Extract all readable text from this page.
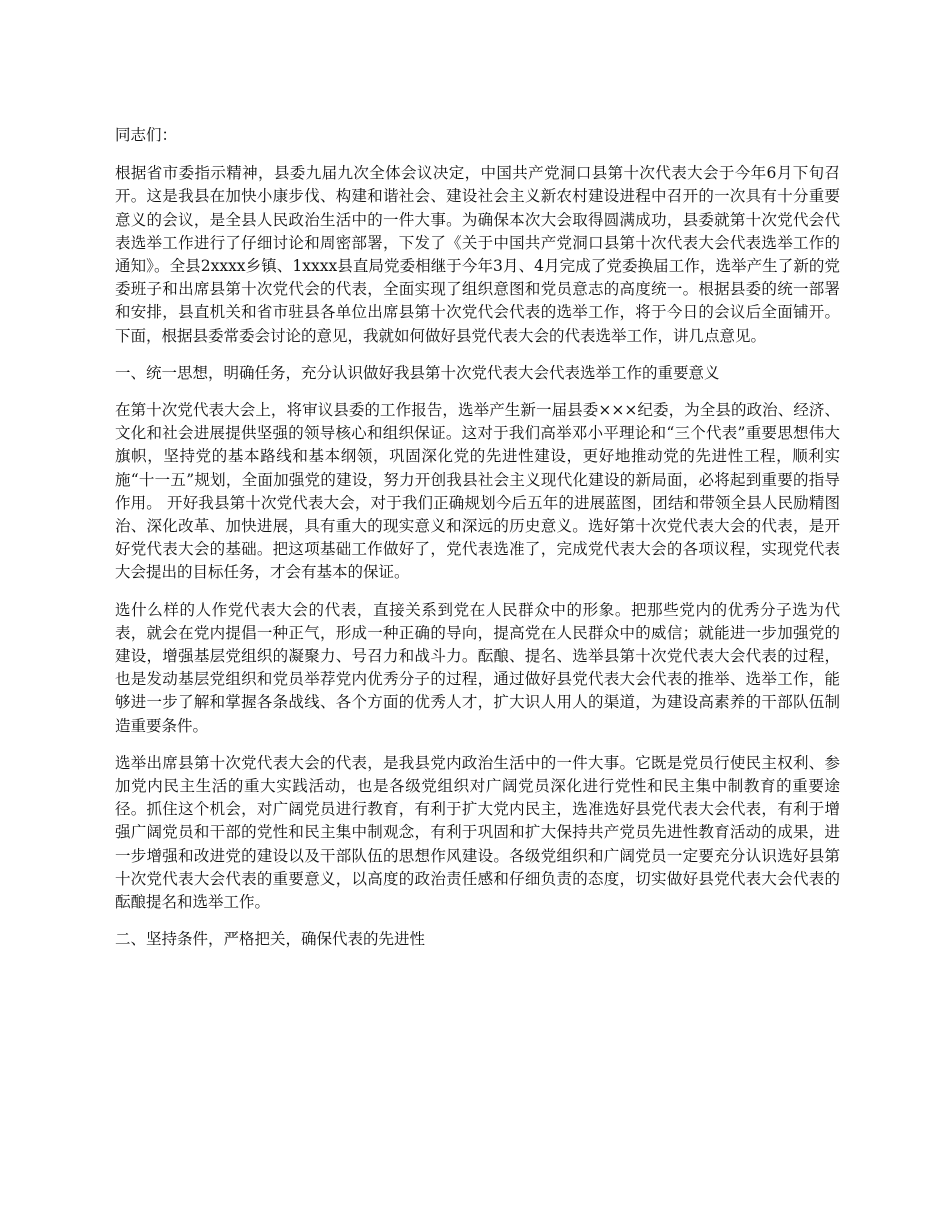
同志们：

根据省市委指示精神，县委九届九次全体会议决定，中国共产党洞口县第十次代表大会于今年6月下旬召开。这是我县在加快小康步伐、构建和谐社会、建设社会主义新农村建设进程中召开的一次具有十分重要意义的会议，是全县人民政治生活中的一件大事。为确保本次大会取得圆满成功，县委就第十次党代会代表选举工作进行了仔细讨论和周密部署，下发了《关于中国共产党洞口县第十次代表大会代表选举工作的通知》。全县2xxxx乡镇、1xxxx县直局党委相继于今年3月、4月完成了党委换届工作，选举产生了新的党委班子和出席县第十次党代会的代表，全面实现了组织意图和党员意志的高度统一。根据县委的统一部署和安排，县直机关和省市驻县各单位出席县第十次党代会代表的选举工作，将于今日的会议后全面铺开。下面，根据县委常委会讨论的意见，我就如何做好县党代表大会的代表选举工作，讲几点意见。

一、统一思想，明确任务，充分认识做好我县第十次党代表大会代表选举工作的重要意义

在第十次党代表大会上，将审议县委的工作报告，选举产生新一届县委×××纪委，为全县的政治、经济、文化和社会进展提供坚强的领导核心和组织保证。这对于我们高举邓小平理论和“三个代表”重要思想伟大旗帜，坚持党的基本路线和基本纲领，巩固深化党的先进性建设，更好地推动党的先进性工程，顺利实施“十一五”规划，全面加强党的建设，努力开创我县社会主义现代化建设的新局面，必将起到重要的指导作用。 开好我县第十次党代表大会，对于我们正确规划今后五年的进展蓝图，团结和带领全县人民励精图治、深化改革、加快进展，具有重大的现实意义和深远的历史意义。选好第十次党代表大会的代表，是开好党代表大会的基础。把这项基础工作做好了，党代表选准了，完成党代表大会的各项议程，实现党代表大会提出的目标任务，才会有基本的保证。

选什么样的人作党代表大会的代表，直接关系到党在人民群众中的形象。把那些党内的优秀分子选为代表，就会在党内提倡一种正气，形成一种正确的导向，提高党在人民群众中的威信；就能进一步加强党的建设，增强基层党组织的凝聚力、号召力和战斗力。酝酿、提名、选举县第十次党代表大会代表的过程，也是发动基层党组织和党员举荐党内优秀分子的过程，通过做好县党代表大会代表的推举、选举工作，能够进一步了解和掌握各条战线、各个方面的优秀人才，扩大识人用人的渠道，为建设高素养的干部队伍制造重要条件。

选举出席县第十次党代表大会的代表，是我县党内政治生活中的一件大事。它既是党员行使民主权利、参加党内民主生活的重大实践活动，也是各级党组织对广阔党员深化进行党性和民主集中制教育的重要途径。抓住这个机会，对广阔党员进行教育，有利于扩大党内民主，选准选好县党代表大会代表，有利于增强广阔党员和干部的党性和民主集中制观念，有利于巩固和扩大保持共产党员先进性教育活动的成果，进一步增强和改进党的建设以及干部队伍的思想作风建设。各级党组织和广阔党员一定要充分认识选好县第十次党代表大会代表的重要意义，以高度的政治责任感和仔细负责的态度，切实做好县党代表大会代表的酝酿提名和选举工作。

二、坚持条件，严格把关，确保代表的先进性
